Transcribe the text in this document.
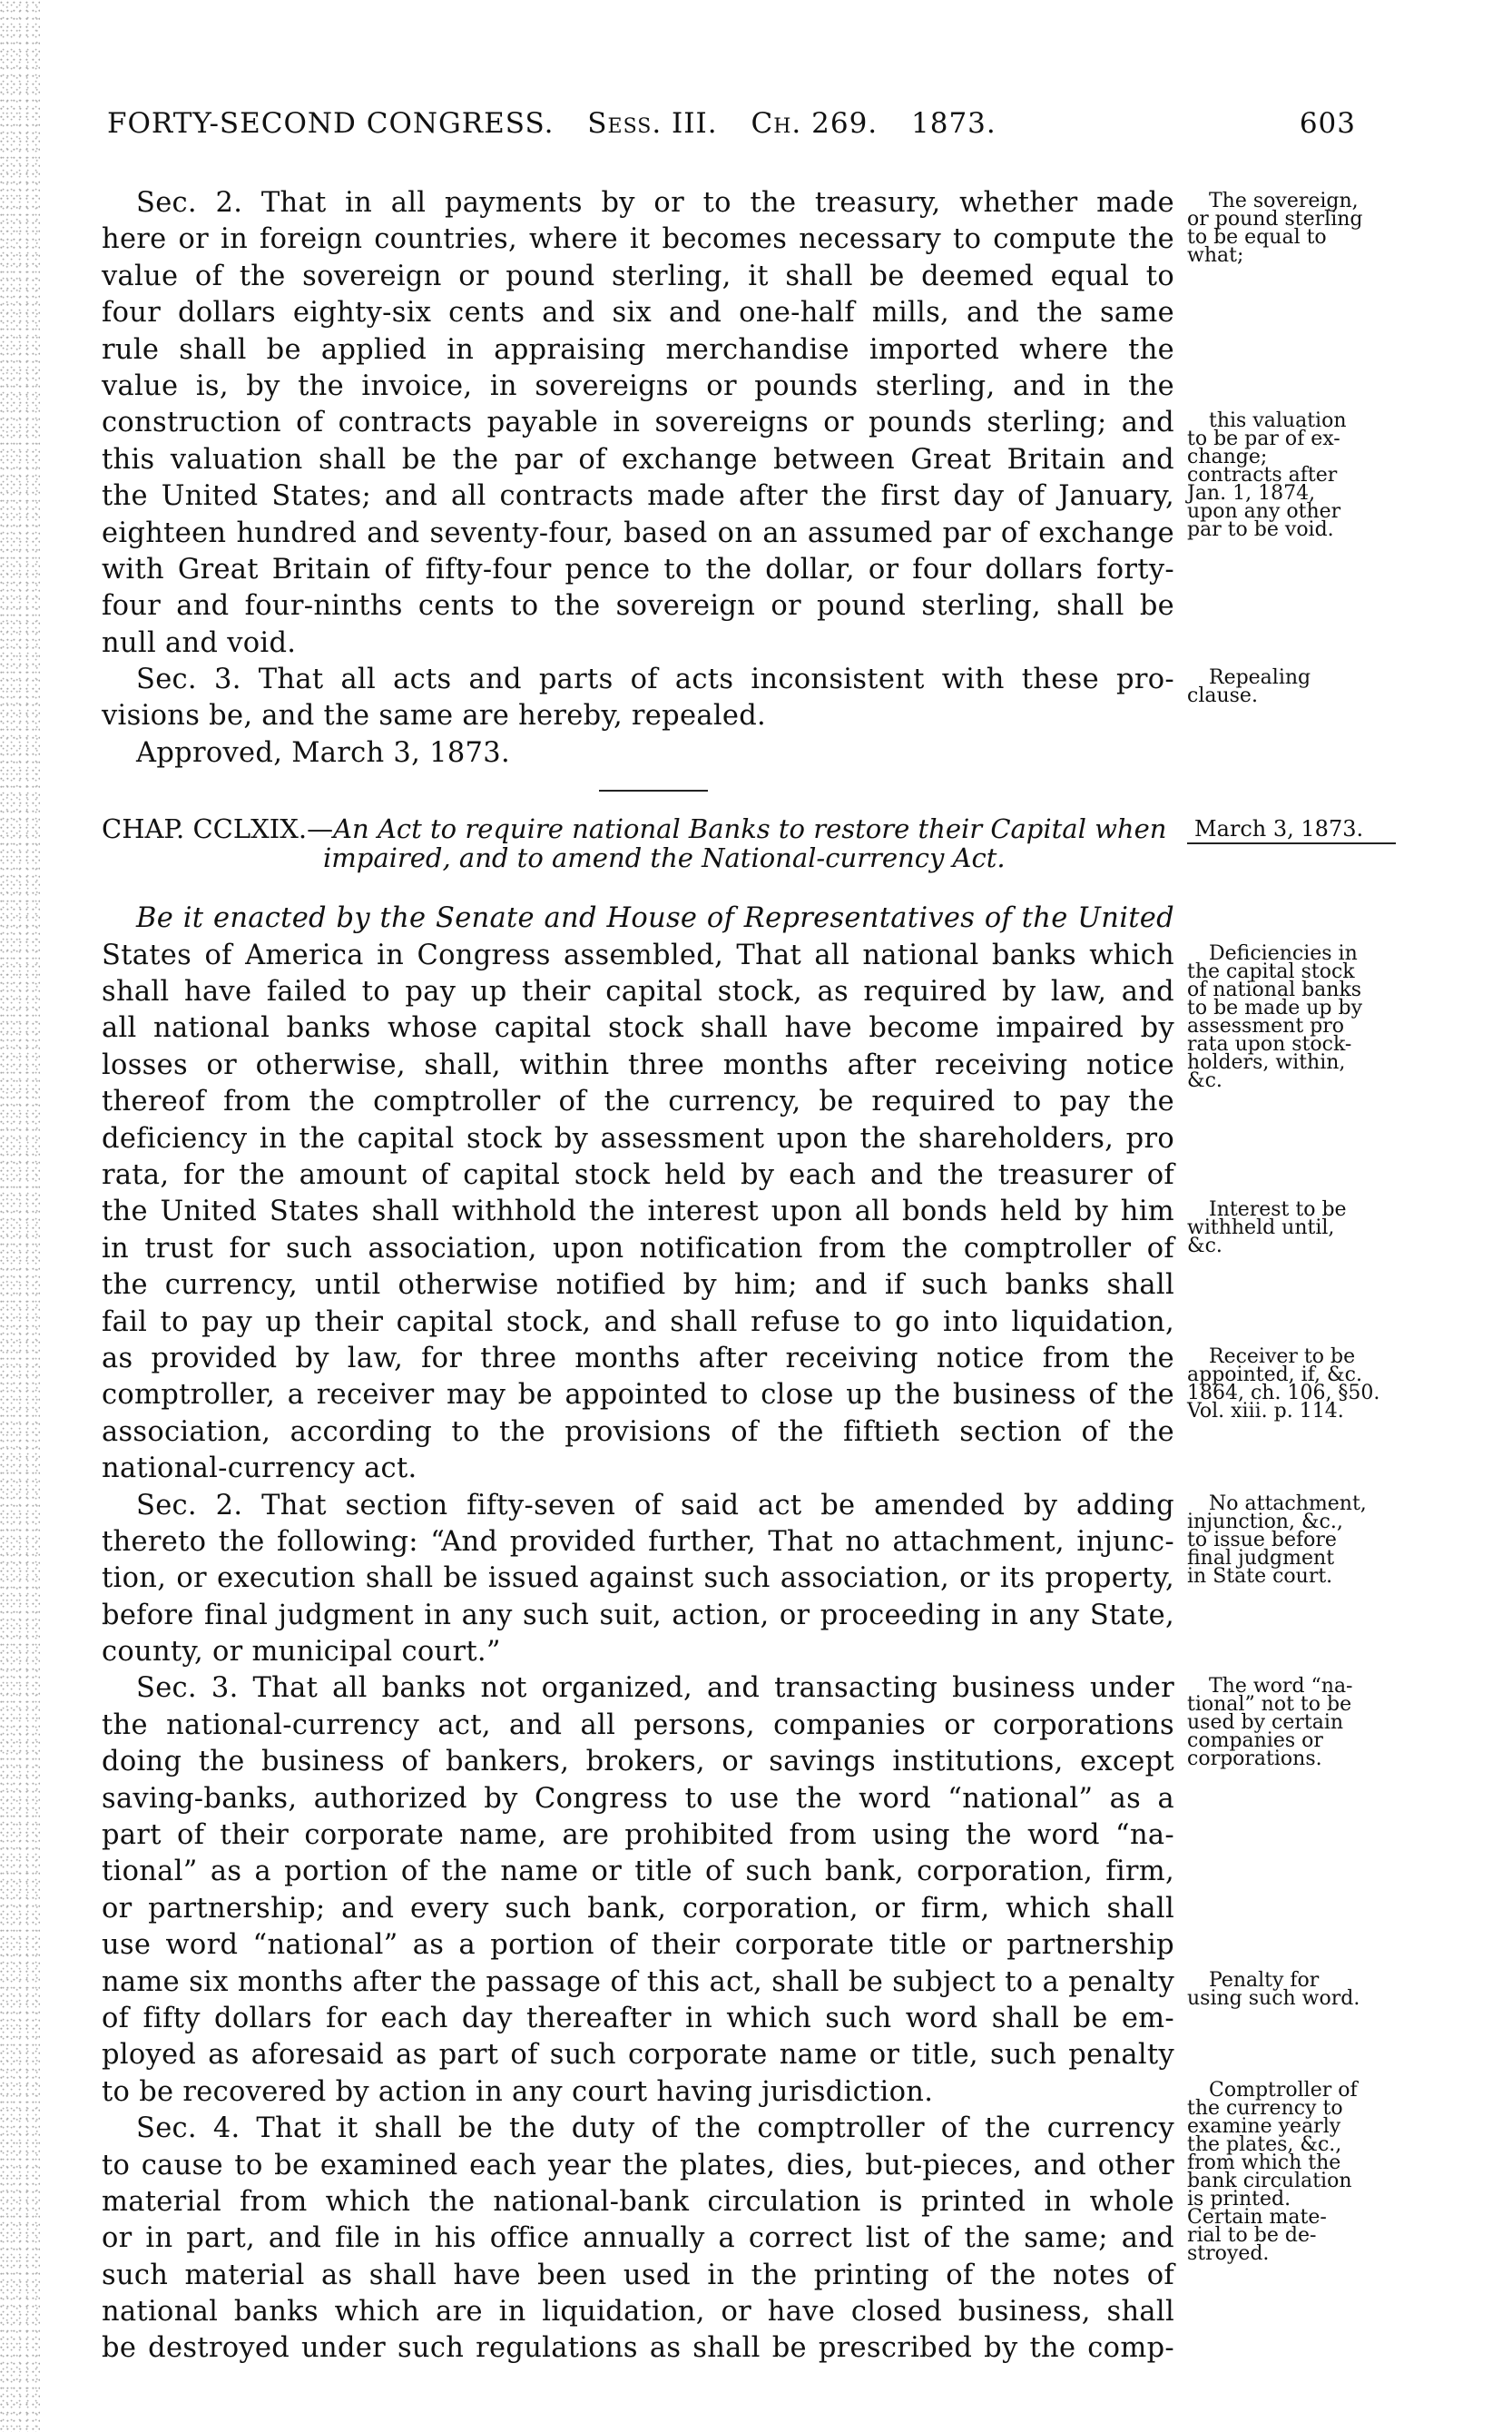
FORTY-SECOND CONGRESS. Sess. III. Ch. 269. 1873.	603
Sec. 2. That in all payments by or to the treasury, whether made	The sovereign,
or pound sterling
to be equal to
what;
here or in foreign countries, where it becomes necessary to compute the
value of the sovereign or pound sterling, it shall be deemed equal to
four dollars eighty-six cents and six and one-half mills, and the same
rule shall be applied in appraising merchandise imported where the
value is, by the invoice, in sovereigns or pounds sterling, and in the
construction of contracts payable in sovereigns or pounds sterling; and	this valuation
to be par of ex-
change;
contracts after
Jan. 1, 1874,
upon any other
par to be void.
this valuation shall be the par of exchange between Great Britain and
the United States; and all contracts made after the first day of January,
eighteen hundred and seventy-four, based on an assumed par of exchange
with Great Britain of fifty-four pence to the dollar, or four dollars forty-
four and four-ninths cents to the sovereign or pound sterling, shall be
null and void.
Sec. 3. That all acts and parts of acts inconsistent with these pro-	Repealing
clause.
visions be, and the same are hereby, repealed.
Approved, March 3, 1873.
CHAP. CCLXIX.—An Act to require national Banks to restore their Capital when
impaired, and to amend the National-currency Act.
March 3, 1873.
Be it enacted by the Senate and House of Representatives of the United
States of America in Congress assembled, That all national banks which	Deficiencies in
the capital stock
of national banks
to be made up by
assessment pro
rata upon stock-
holders, within,
&c.
shall have failed to pay up their capital stock, as required by law, and
all national banks whose capital stock shall have become impaired by
losses or otherwise, shall, within three months after receiving notice
thereof from the comptroller of the currency, be required to pay the
deficiency in the capital stock by assessment upon the shareholders, pro
rata, for the amount of capital stock held by each and the treasurer of
the United States shall withhold the interest upon all bonds held by him	Interest to be
withheld until,
&c.
in trust for such association, upon notification from the comptroller of
the currency, until otherwise notified by him; and if such banks shall
fail to pay up their capital stock, and shall refuse to go into liquidation,
as provided by law, for three months after receiving notice from the	Receiver to be
appointed, if, &c.
1864, ch. 106, §50.
Vol. xiii. p. 114.
comptroller, a receiver may be appointed to close up the business of the
association, according to the provisions of the fiftieth section of the
national-currency act.
Sec. 2. That section fifty-seven of said act be amended by adding	No attachment,
injunction, &c.,
to issue before
final judgment
in State court.
thereto the following: “And provided further, That no attachment, injunc-
tion, or execution shall be issued against such association, or its property,
before final judgment in any such suit, action, or proceeding in any State,
county, or municipal court.”
Sec. 3. That all banks not organized, and transacting business under	The word “na-
tional” not to be
used by certain
companies or
corporations.
the national-currency act, and all persons, companies or corporations
doing the business of bankers, brokers, or savings institutions, except
saving-banks, authorized by Congress to use the word “national” as a
part of their corporate name, are prohibited from using the word “na-
tional” as a portion of the name or title of such bank, corporation, firm,
or partnership; and every such bank, corporation, or firm, which shall
use word “national” as a portion of their corporate title or partnership
name six months after the passage of this act, shall be subject to a penalty	Penalty for
using such word.
of fifty dollars for each day thereafter in which such word shall be em-
ployed as aforesaid as part of such corporate name or title, such penalty
to be recovered by action in any court having jurisdiction.	Comptroller of
the currency to
examine yearly
the plates, &c.,
from which the
bank circulation
is printed.
Certain mate-
rial to be de-
stroyed.
Sec. 4. That it shall be the duty of the comptroller of the currency
to cause to be examined each year the plates, dies, but-pieces, and other
material from which the national-bank circulation is printed in whole
or in part, and file in his office annually a correct list of the same; and
such material as shall have been used in the printing of the notes of
national banks which are in liquidation, or have closed business, shall
be destroyed under such regulations as shall be prescribed by the comp-
